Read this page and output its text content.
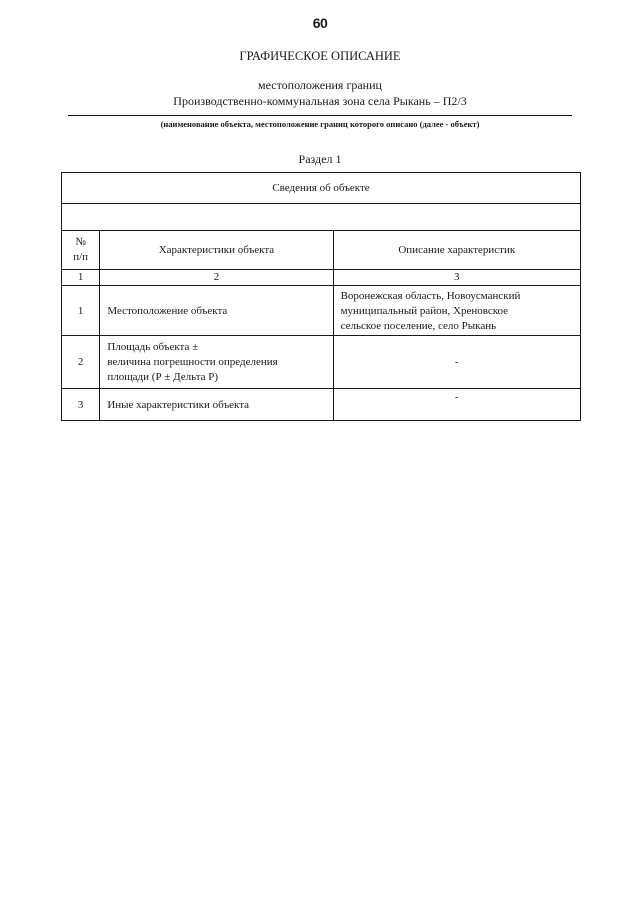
60
ГРАФИЧЕСКОЕ ОПИСАНИЕ
местоположения границ
Производственно-коммунальная зона села Рыкань – П2/3
(наименование объекта, местоположение границ которого описано (далее - объект)
Раздел 1
Сведения об объекте		

№
п/п	Характеристики объекта	Описание характеристик
1	2	3
1	Местоположение объекта	Воронежская область, Новоусманский
муниципальный район, Хреновское
сельское поселение, село Рыкань

2	Площадь объекта ±
величина погрешности определения
площади (Р ± Дельта Р)	-

3	Иные характеристики объекта	-
